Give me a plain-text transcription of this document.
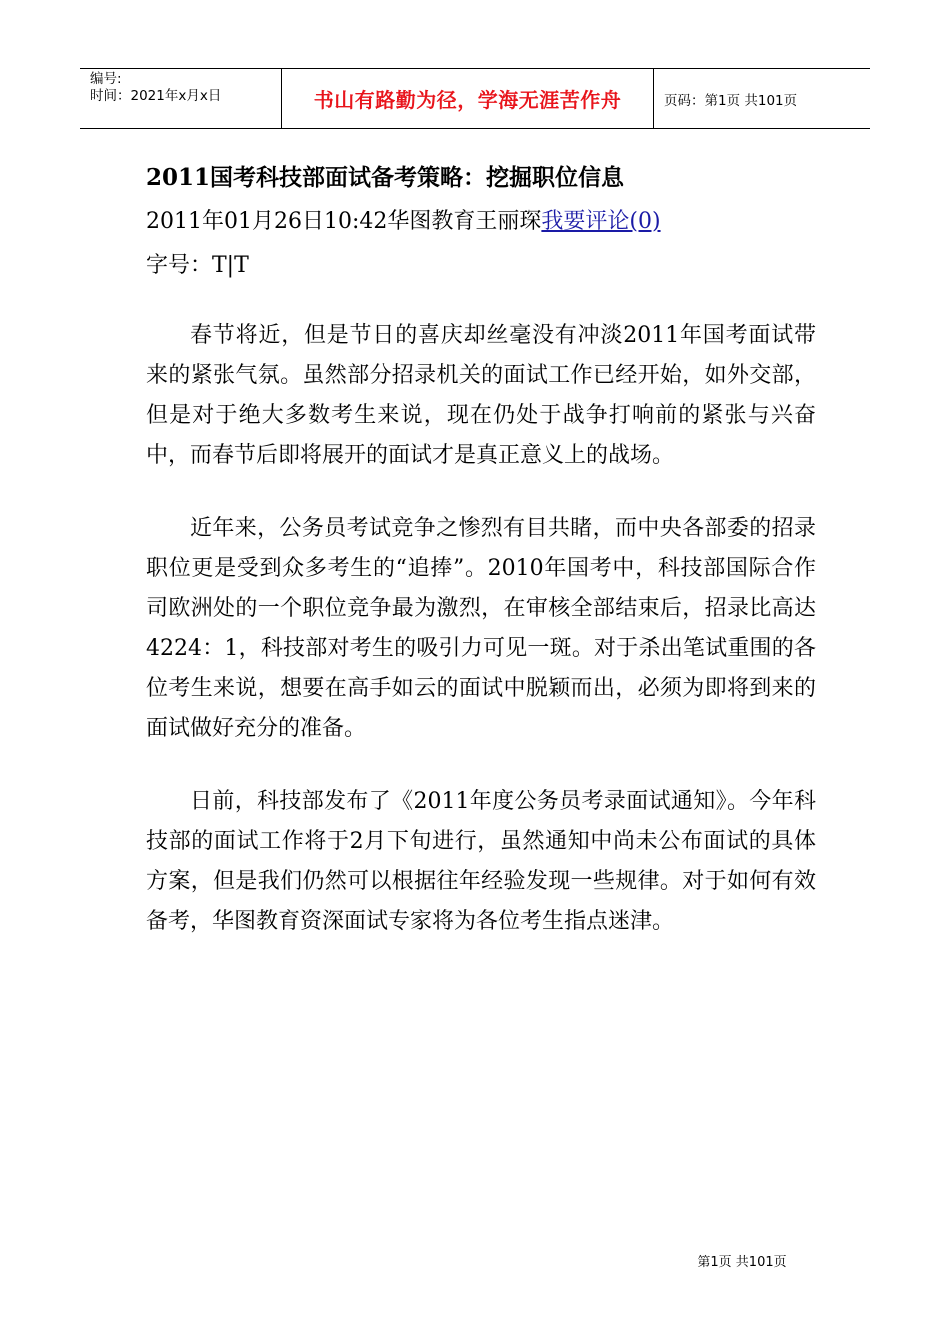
编号:
时间：2021年x月x日	书山有路勤为径，学海无涯苦作舟	页码：第1页 共101页
2011国考科技部面试备考策略：挖掘职位信息
2011年01月26日10:42华图教育王丽琛我要评论(0)
字号：T|T

春节将近，但是节日的喜庆却丝毫没有冲淡2011年国考面试带来的紧张气氛。虽然部分招录机关的面试工作已经开始，如外交部，但是对于绝大多数考生来说，现在仍处于战争打响前的紧张与兴奋中，而春节后即将展开的面试才是真正意义上的战场。

近年来，公务员考试竞争之惨烈有目共睹，而中央各部委的招录职位更是受到众多考生的“追捧”。2010年国考中，科技部国际合作司欧洲处的一个职位竞争最为激烈，在审核全部结束后，招录比高达4224：1，科技部对考生的吸引力可见一斑。对于杀出笔试重围的各位考生来说，想要在高手如云的面试中脱颖而出，必须为即将到来的面试做好充分的准备。

日前，科技部发布了《2011年度公务员考录面试通知》。今年科技部的面试工作将于2月下旬进行，虽然通知中尚未公布面试的具体方案，但是我们仍然可以根据往年经验发现一些规律。对于如何有效备考，华图教育资深面试专家将为各位考生指点迷津。

第1页 共101页
